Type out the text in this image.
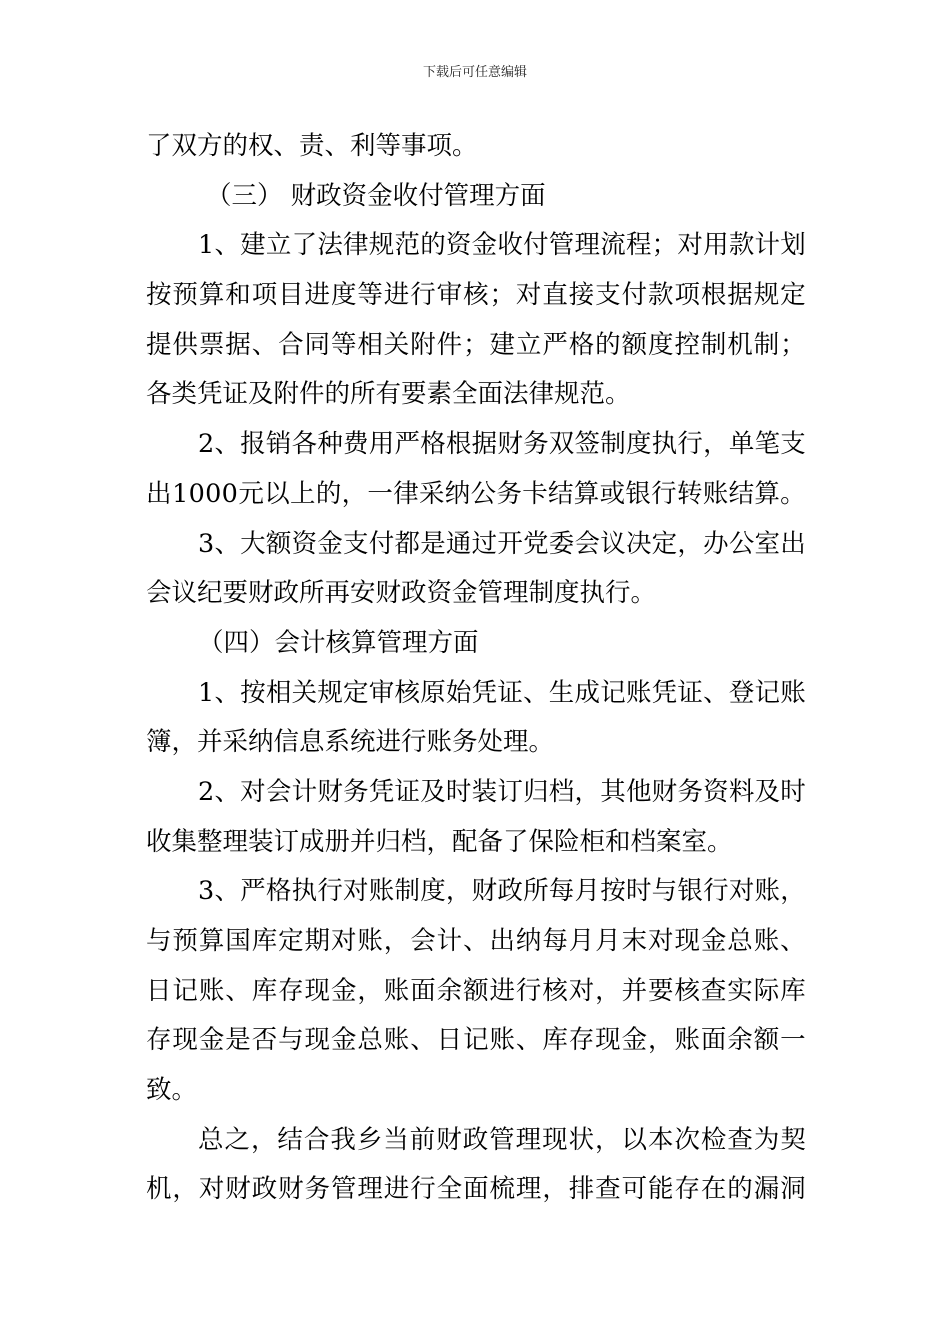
下载后可任意编辑
了双方的权、责、利等事项。
（三） 财政资金收付管理方面
1 、 建 立 了 法 律 规 范 的 资 金 收 付 管 理 流 程 ； 对 用 款 计 划
按 预 算 和 项 目 进 度 等 进 行 审 核 ； 对 直 接 支 付 款 项 根 据 规 定
提 供 票 据 、 合 同 等 相 关 附 件 ； 建 立 严 格 的 额 度 控 制 机 制 ；
各类凭证及附件的所有要素全面法律规范。
2 、 报 销 各 种 费 用 严 格 根 据 财 务 双 签 制 度 执 行 ， 单 笔 支
出 1 0 0 0 元 以 上 的 ， 一 律 采 纳 公 务 卡 结 算 或 银 行 转 账 结 算 。
3 、 大 额 资 金 支 付 都 是 通 过 开 党 委 会 议 决 定 ， 办 公 室 出
会议纪要财政所再安财政资金管理制度执行。
（四）会计核算管理方面
1 、 按 相 关 规 定 审 核 原 始 凭 证 、 生 成 记 账 凭 证 、 登 记 账
簿，并采纳信息系统进行账务处理。
2 、 对 会 计 财 务 凭 证 及 时 装 订 归 档 ， 其 他 财 务 资 料 及 时
收集整理装订成册并归档，配备了保险柜和档案室。
3 、 严 格 执 行 对 账 制 度 ， 财 政 所 每 月 按 时 与 银 行 对 账 ，
与 预 算 国 库 定 期 对 账 ， 会 计 、 出 纳 每 月 月 末 对 现 金 总 账 、
日 记 账 、 库 存 现 金 ， 账 面 余 额 进 行 核 对 ， 并 要 核 查 实 际 库
存 现 金 是 否 与 现 金 总 账 、 日 记 账 、 库 存 现 金 ， 账 面 余 额 一
致。
总 之 ， 结 合 我 乡 当 前 财 政 管 理 现 状 ， 以 本 次 检 查 为 契
机 ， 对 财 政 财 务 管 理 进 行 全 面 梳 理 ， 排 查 可 能 存 在 的 漏 洞
